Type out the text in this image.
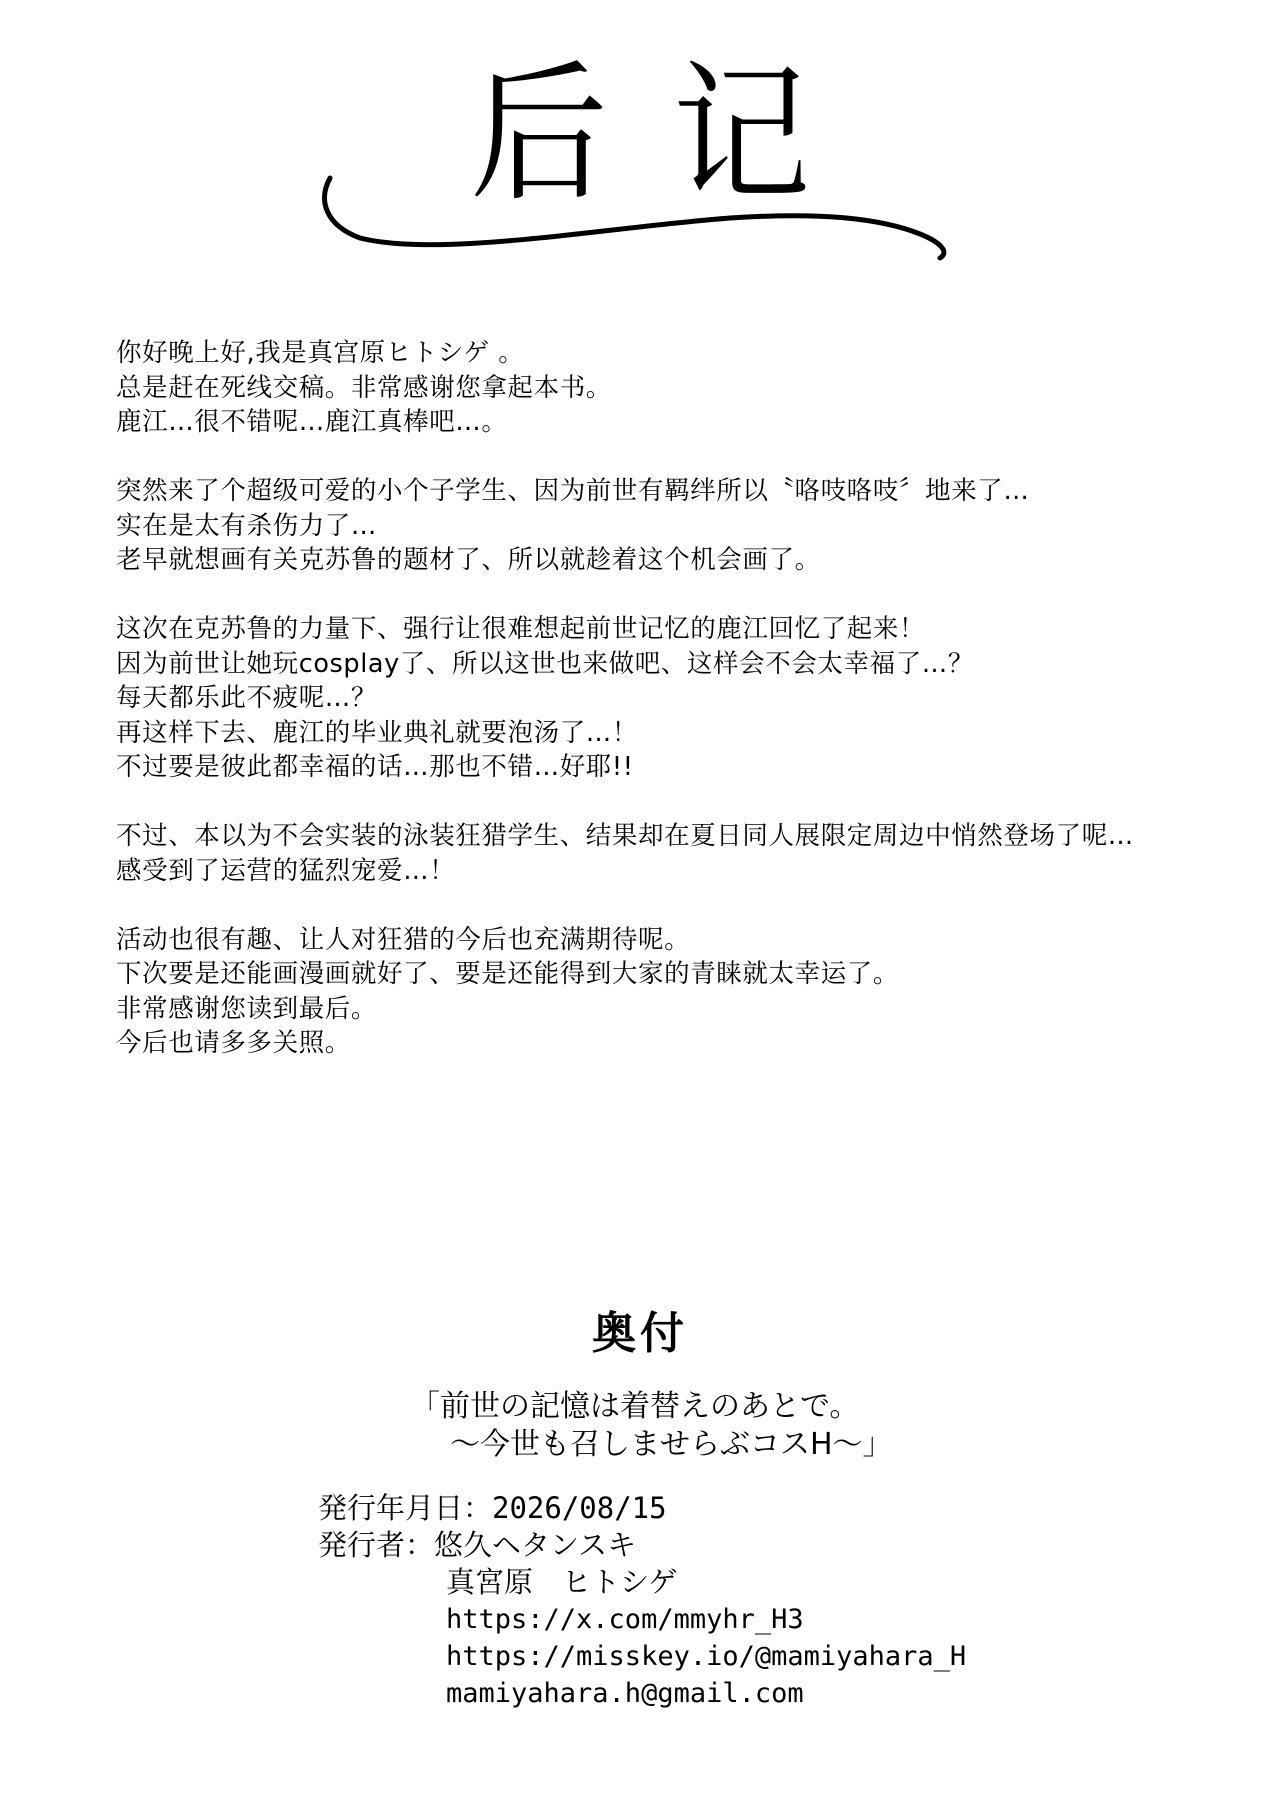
后记
你好晚上好,我是真宫原ヒトシゲ 。
总是赶在死线交稿。非常感谢您拿起本书。
鹿江…很不错呢…鹿江真棒吧…。
突然来了个超级可爱的小个子学生、因为前世有羁绊所以〝咯吱咯吱〞地来了…
实在是太有杀伤力了…
老早就想画有关克苏鲁的题材了、所以就趁着这个机会画了。
这次在克苏鲁的力量下、强行让很难想起前世记忆的鹿江回忆了起来！
因为前世让她玩cosplay了、所以这世也来做吧、这样会不会太幸福了…？
每天都乐此不疲呢…？
再这样下去、鹿江的毕业典礼就要泡汤了…！
不过要是彼此都幸福的话…那也不错…好耶!!
不过、本以为不会实装的泳装狂猎学生、结果却在夏日同人展限定周边中悄然登场了呢…
感受到了运营的猛烈宠爱…！
活动也很有趣、让人对狂猎的今后也充满期待呢。
下次要是还能画漫画就好了、要是还能得到大家的青睐就太幸运了。
非常感谢您读到最后。
今后也请多多关照。
奥付
「前世の記憶は着替えのあとで。
～今世も召しませらぶコスH～」
発行年月日：2026/08/15
発行者：悠久ヘタンスキ
真宮原　ヒトシゲ
https://x.com/mmyhr_H3
https://misskey.io/@mamiyahara_H
mamiyahara.h@gmail.com
